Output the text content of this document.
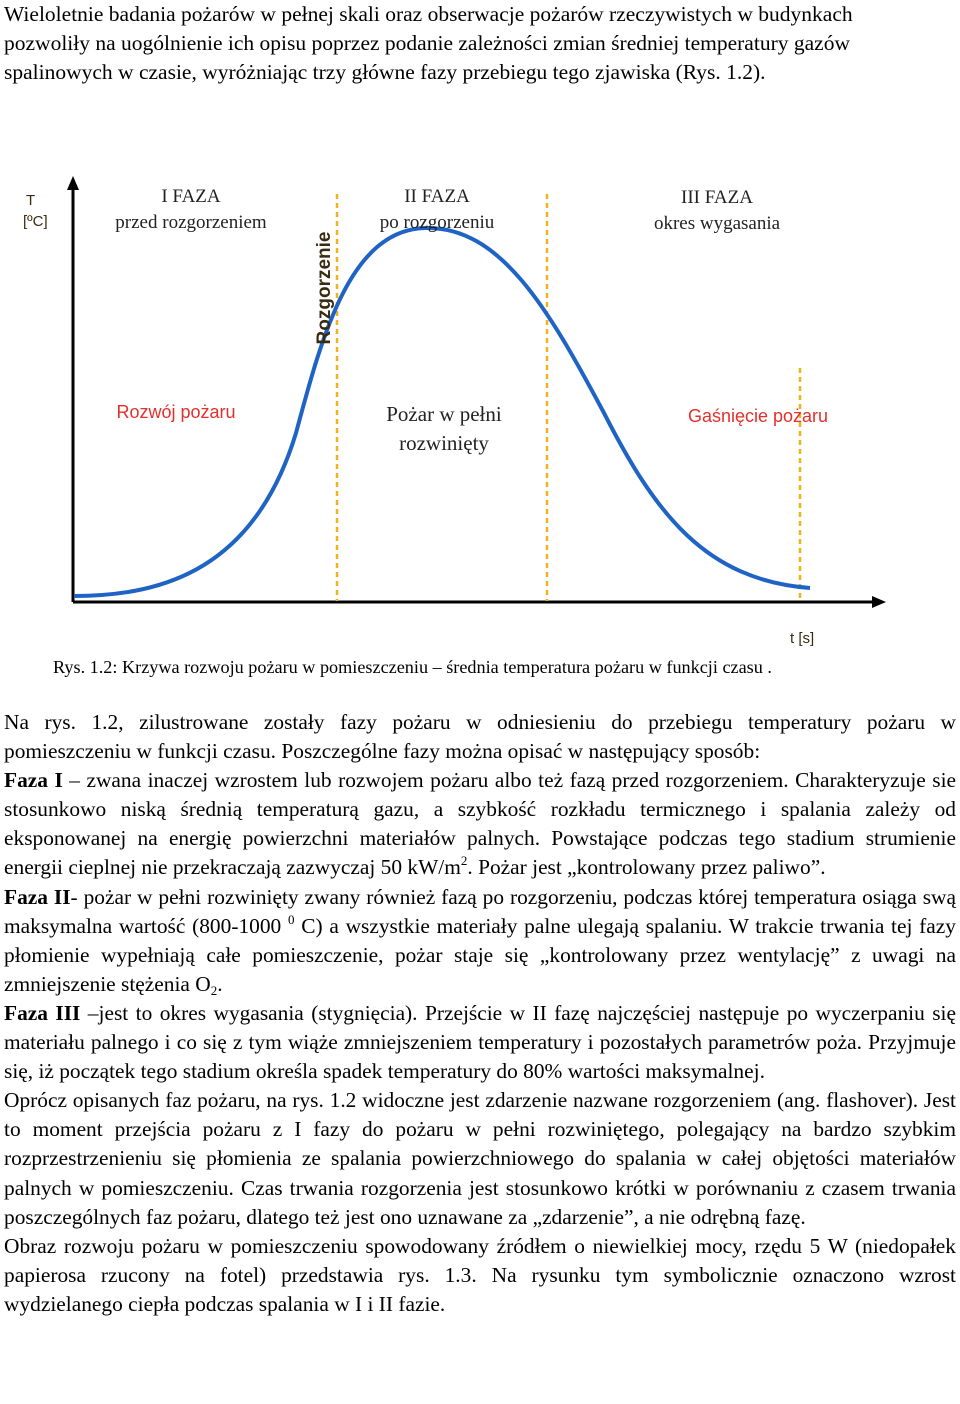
Wieloletnie badania pożarów w pełnej skali oraz obserwacje pożarów rzeczywistych w budynkach pozwoliły na uogólnienie ich opisu poprzez podanie zależności zmian średniej temperatury gazów spalinowych w czasie, wyróżniając trzy główne fazy przebiegu tego zjawiska (Rys. 1.2).
T
[ºC]
t [s]
I FAZA
przed rozgorzeniem
II FAZA
po rozgorzeniu
III FAZA
okres wygasania
Rozgorzenie
Rozwój pożaru	Pożar w pełni
rozwinięty
Gaśnięcie pożaru
Rys. 1.2: Krzywa rozwoju pożaru w pomieszczeniu – średnia temperatura pożaru w funkcji czasu .

Na rys. 1.2, zilustrowane zostały fazy pożaru w odniesieniu do przebiegu temperatury pożaru w pomieszczeniu w funkcji czasu. Poszczególne fazy można opisać w następujący sposób:

Faza I – zwana inaczej wzrostem lub rozwojem pożaru albo też fazą przed rozgorzeniem. Charakteryzuje sie stosunkowo niską średnią temperaturą gazu, a szybkość rozkładu termicznego i spalania zależy od eksponowanej na energię powierzchni materiałów palnych. Powstające podczas tego stadium strumienie energii cieplnej nie przekraczają zazwyczaj 50 $kW/m^2$. Pożar jest „kontrolowany przez paliwo”.

Faza II- pożar w pełni rozwinięty zwany również fazą po rozgorzeniu, podczas której temperatura osiąga swą maksymalna wartość (800-1000 $^0$ C) a wszystkie materiały palne ulegają spalaniu. W trakcie trwania tej fazy płomienie wypełniają całe pomieszczenie, pożar staje się „kontrolowany przez wentylację” z uwagi na zmniejszenie stężenia $O_2$.

Faza III –jest to okres wygasania (stygnięcia). Przejście w II fazę najczęściej następuje po wyczerpaniu się materiału palnego i co się z tym wiąże zmniejszeniem temperatury i pozostałych parametrów poża. Przyjmuje się, iż początek tego stadium określa spadek temperatury do 80% wartości maksymalnej.

Oprócz opisanych faz pożaru, na rys. 1.2 widoczne jest zdarzenie nazwane rozgorzeniem (ang. flashover). Jest to moment przejścia pożaru z I fazy do pożaru w pełni rozwiniętego, polegający na bardzo szybkim rozprzestrzenieniu się płomienia ze spalania powierzchniowego do spalania w całej objętości materiałów palnych w pomieszczeniu. Czas trwania rozgorzenia jest stosunkowo krótki w porównaniu z czasem trwania poszczególnych faz pożaru, dlatego też jest ono uznawane za „zdarzenie”, a nie odrębną fazę.

Obraz rozwoju pożaru w pomieszczeniu spowodowany źródłem o niewielkiej mocy, rzędu 5 W (niedopałek papierosa rzucony na fotel) przedstawia rys. 1.3. Na rysunku tym symbolicznie oznaczono wzrost wydzielanego ciepła podczas spalania w I i II fazie.
